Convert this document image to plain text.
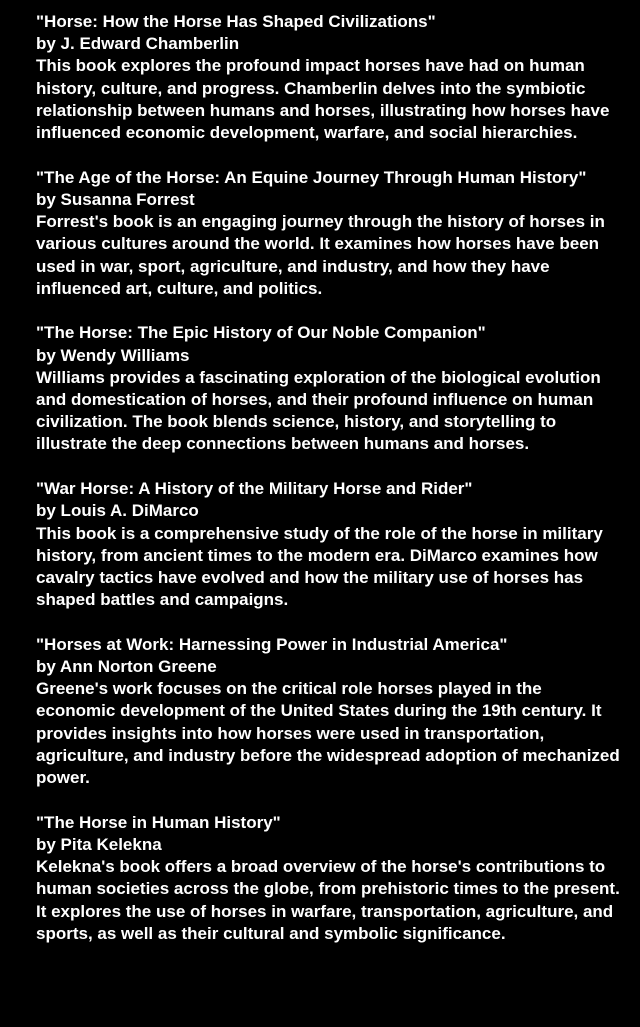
"Horse: How the Horse Has Shaped Civilizations"

by J. Edward Chamberlin

This book explores the profound impact horses have had on human history, culture, and progress. Chamberlin delves into the symbiotic relationship between humans and horses, illustrating how horses have influenced economic development, warfare, and social hierarchies.

"The Age of the Horse: An Equine Journey Through Human History"

by Susanna Forrest

Forrest's book is an engaging journey through the history of horses in various cultures around the world. It examines how horses have been used in war, sport, agriculture, and industry, and how they have influenced art, culture, and politics.

"The Horse: The Epic History of Our Noble Companion"

by Wendy Williams

Williams provides a fascinating exploration of the biological evolution and domestication of horses, and their profound influence on human civilization. The book blends science, history, and storytelling to illustrate the deep connections between humans and horses.

"War Horse: A History of the Military Horse and Rider"

by Louis A. DiMarco

This book is a comprehensive study of the role of the horse in military history, from ancient times to the modern era. DiMarco examines how cavalry tactics have evolved and how the military use of horses has shaped battles and campaigns.

"Horses at Work: Harnessing Power in Industrial America"

by Ann Norton Greene

Greene's work focuses on the critical role horses played in the economic development of the United States during the 19th century. It provides insights into how horses were used in transportation, agriculture, and industry before the widespread adoption of mechanized power.

"The Horse in Human History"

by Pita Kelekna

Kelekna's book offers a broad overview of the horse's contributions to human societies across the globe, from prehistoric times to the present. It explores the use of horses in warfare, transportation, agriculture, and sports, as well as their cultural and symbolic significance.
